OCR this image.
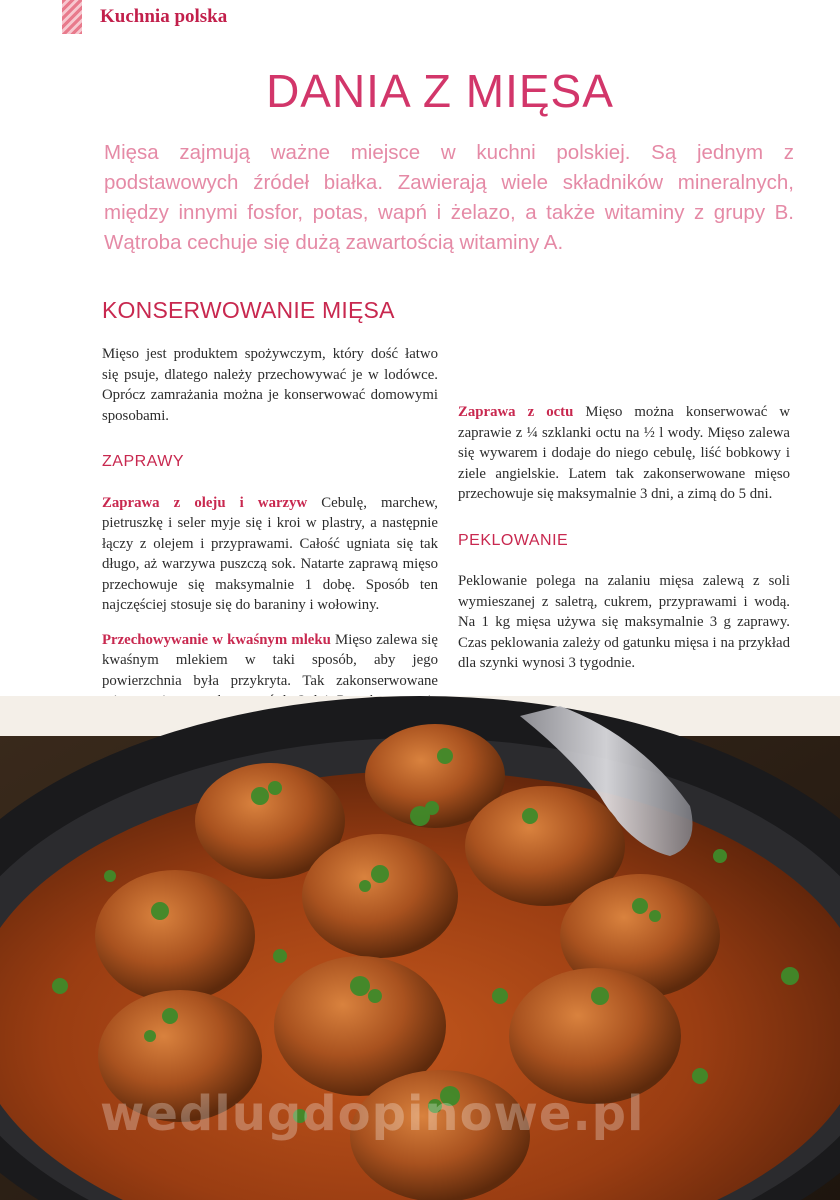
Kuchnia polska
DANIA Z MIĘSA

Mięsa zajmują ważne miejsce w kuchni polskiej. Są jednym z podstawowych źródeł białka. Zawierają wiele składników mineralnych, między innymi fosfor, potas, wapń i żelazo, a także witaminy z grupy B. Wątroba cechuje się dużą zawartością witaminy A.

KONSERWOWANIE MIĘSA

Mięso jest produktem spożywczym, który dość łatwo się psuje, dlatego należy przechowywać je w lodówce. Oprócz zamrażania można je konserwować domowymi sposobami.

ZAPRAWY

Zaprawa z oleju i warzyw Cebulę, marchew, pietruszkę i seler myje się i kroi w plastry, a następnie łączy z olejem i przyprawami. Całość ugniata się tak długo, aż warzywa puszczą sok. Natarte zaprawą mięso przechowuje się maksymalnie 1 dobę. Sposób ten najczęściej stosuje się do baraniny i wołowiny.

Przechowywanie w kwaśnym mleku Mięso zalewa się kwaśnym mlekiem w taki sposób, aby jego powierzchnia była przykryta. Tak zakonserwowane

Zaprawa z octu Mięso można konserwować w zaprawie z ¼ szklanki octu na ½ l wody. Mięso zalewa się wywarem i dodaje do niego cebulę, liść bobkowy i ziele angielskie. Latem tak zakonserwowane mięso przechowuje się maksymalnie 3 dni, a zimą do 5 dni.

PEKLOWANIE

Peklowanie polega na zalaniu mięsa zalewą z soli wymieszanej z saletrą, cukrem, przyprawami i wodą. Na 1 kg mięsa używa się maksymalnie 3 g zaprawy. Czas peklowania zależy od gatunku mięsa i na przykład dla szynki wynosi 3 tygodnie.

wedlugdopinowe.pl
